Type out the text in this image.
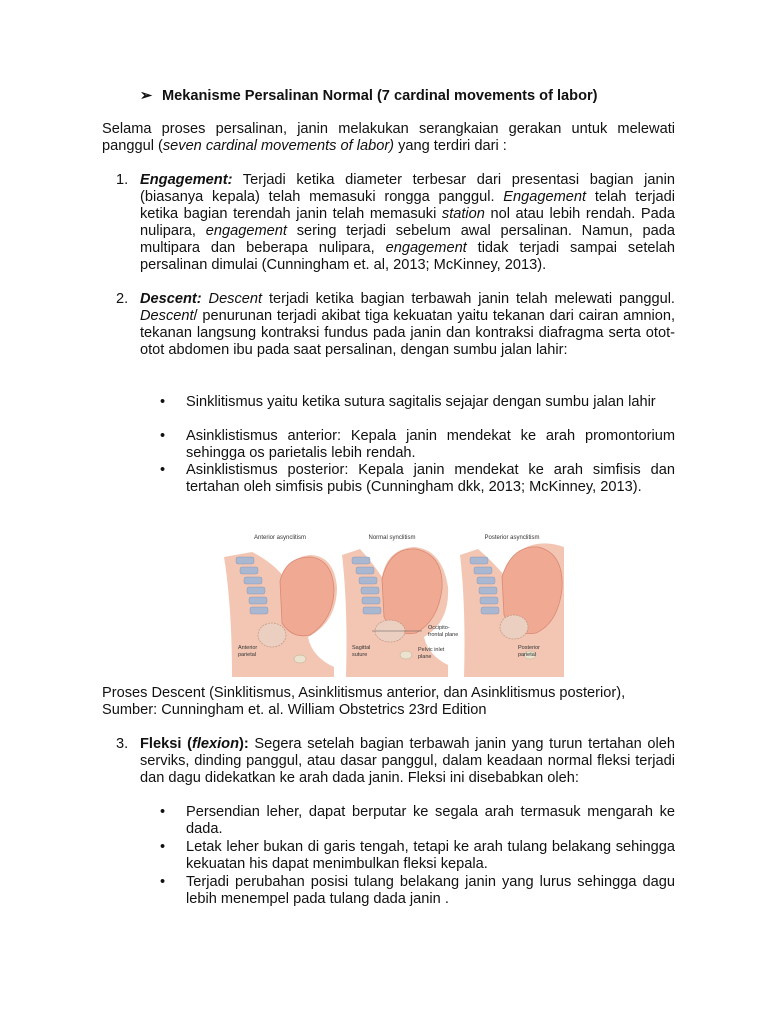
➢ Mekanisme Persalinan Normal (7 cardinal movements of labor)

Selama proses persalinan, janin melakukan serangkaian gerakan untuk melewati panggul (seven cardinal movements of labor) yang terdiri dari :

1. Engagement: Terjadi ketika diameter terbesar dari presentasi bagian janin (biasanya kepala) telah memasuki rongga panggul. Engagement telah terjadi ketika bagian terendah janin telah memasuki station nol atau lebih rendah. Pada nulipara, engagement sering terjadi sebelum awal persalinan. Namun, pada multipara dan beberapa nulipara, engagement tidak terjadi sampai setelah persalinan dimulai (Cunningham et. al, 2013; McKinney, 2013).
2. Descent: Descent terjadi ketika bagian terbawah janin telah melewati panggul. Descent/ penurunan terjadi akibat tiga kekuatan yaitu tekanan dari cairan amnion, tekanan langsung kontraksi fundus pada janin dan kontraksi diafragma serta otot-otot abdomen ibu pada saat persalinan, dengan sumbu jalan lahir:
•	Sinklitismus yaitu ketika sutura sagitalis sejajar dengan sumbu jalan lahir
•	Asinklistismus anterior: Kepala janin mendekat ke arah promontorium sehingga os parietalis lebih rendah.
•	Asinklistismus posterior: Kepala janin mendekat ke arah simfisis dan tertahan oleh simfisis pubis (Cunningham dkk, 2013; McKinney, 2013).
Anterior asynclitism
Anterior
parietal
Normal synclitism
Sagittal
suture
Occipito-
frontal plane
Pelvic inlet
plane
Posterior asynclitism
Posterior
parietal
Proses Descent (Sinklitismus, Asinklitismus anterior, dan Asinklitismus posterior),
Sumber: Cunningham et. al. William Obstetrics 23rd Edition
3. Fleksi (flexion): Segera setelah bagian terbawah janin yang turun tertahan oleh serviks, dinding panggul, atau dasar panggul, dalam keadaan normal fleksi terjadi dan dagu didekatkan ke arah dada janin. Fleksi ini disebabkan oleh:
•	Persendian leher, dapat berputar ke segala arah termasuk mengarah ke dada.
•	Letak leher bukan di garis tengah, tetapi ke arah tulang belakang sehingga kekuatan his dapat menimbulkan fleksi kepala.
•	Terjadi perubahan posisi tulang belakang janin yang lurus sehingga dagu lebih menempel pada tulang dada janin .
